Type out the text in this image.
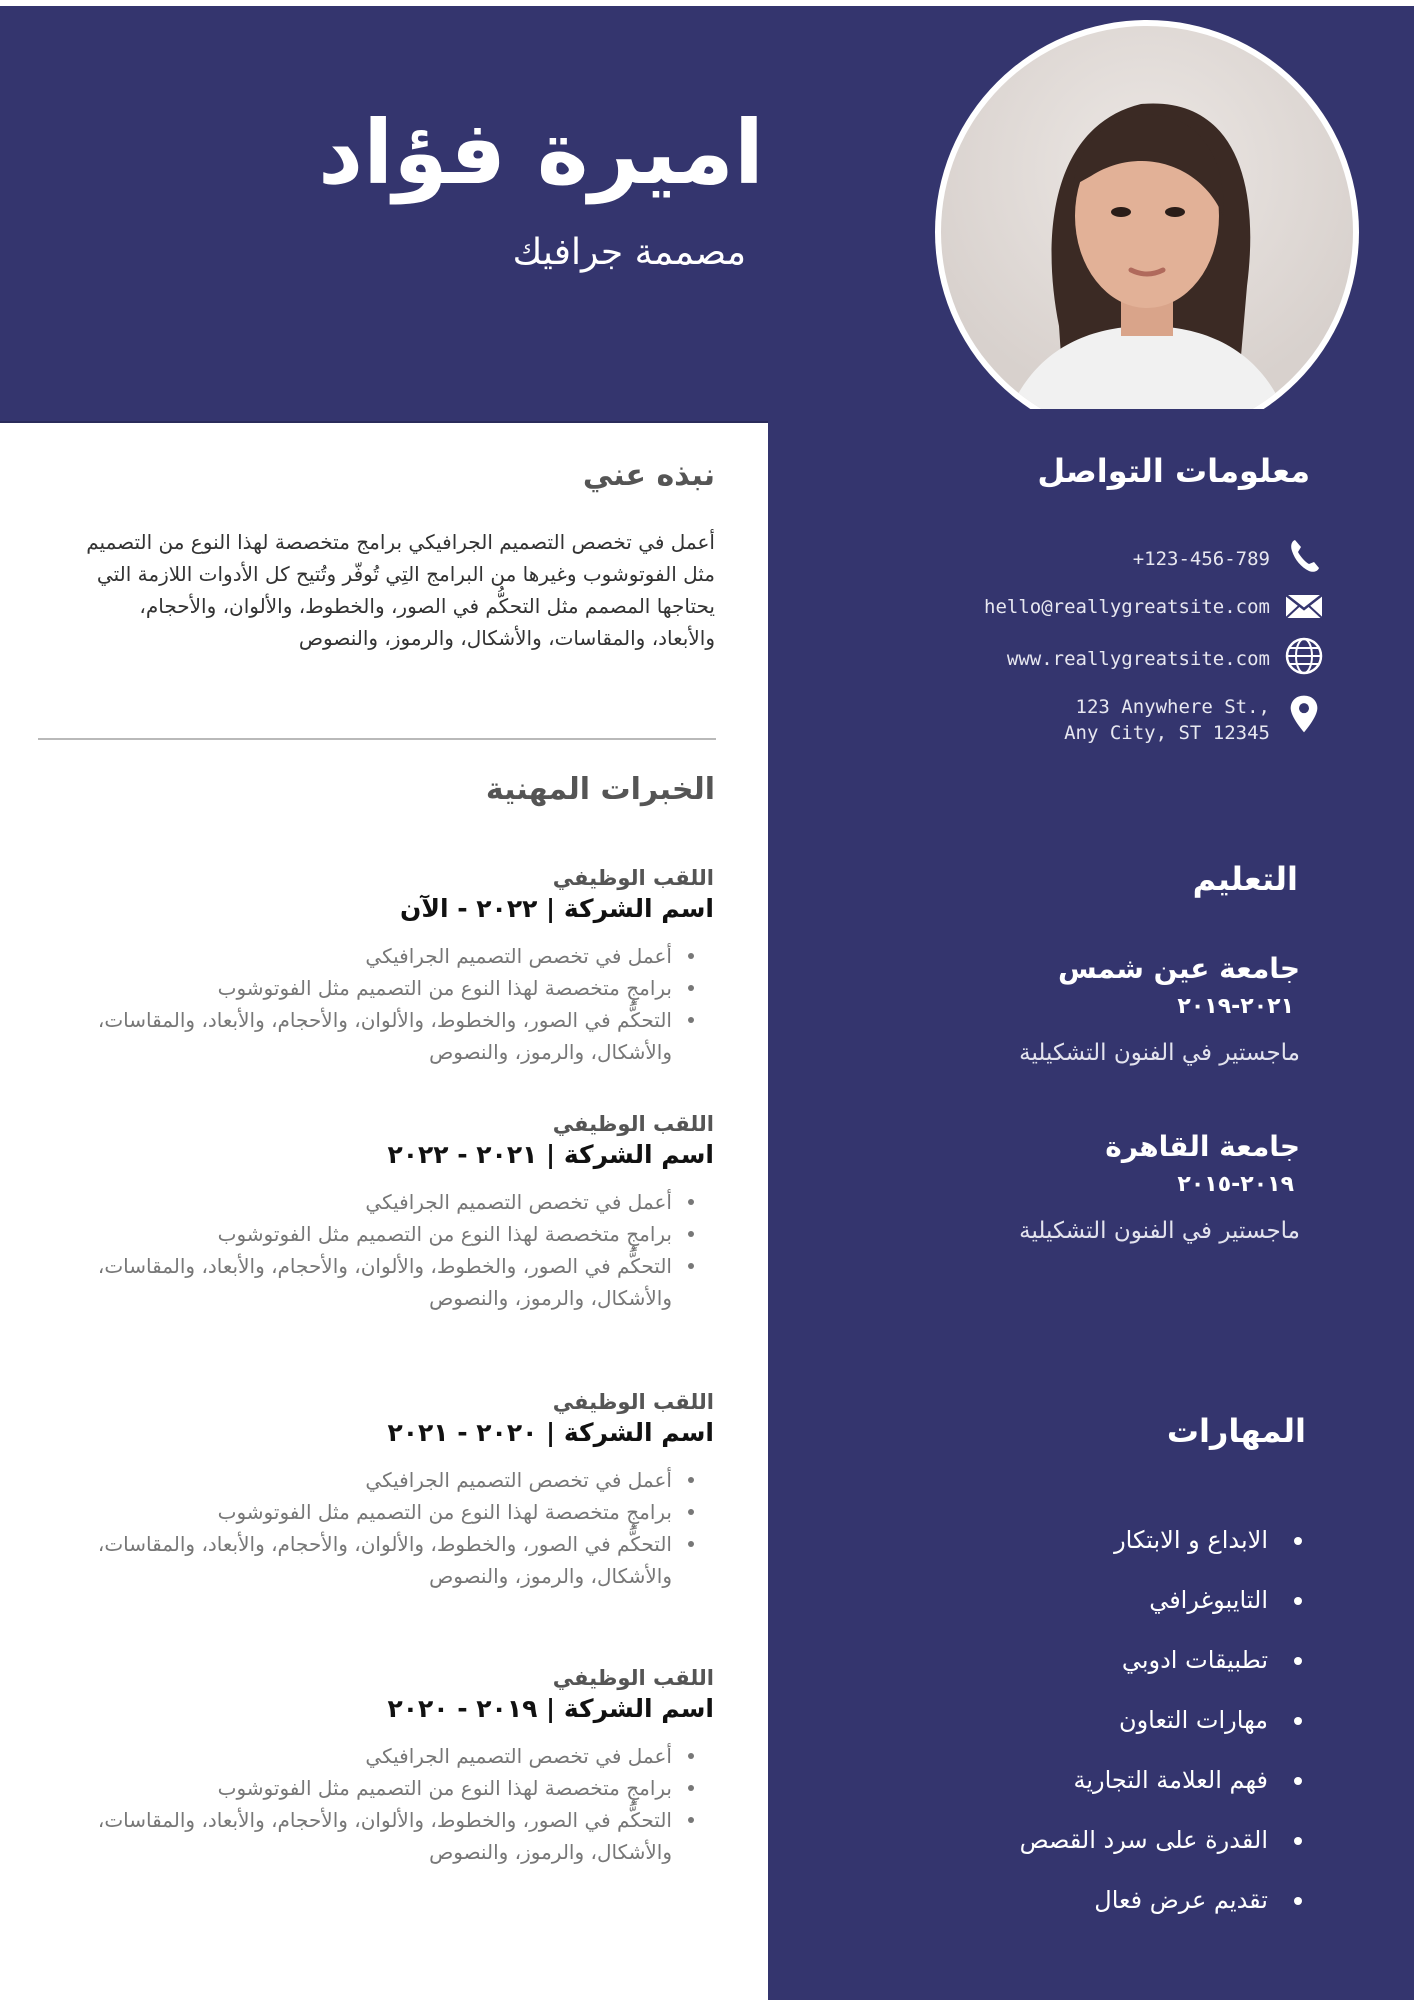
اميرة فؤاد
مصممة جرافيك
نبذه عني
أعمل في تخصص التصميم الجرافيكي برامج متخصصة لهذا النوع من التصميم مثل الفوتوشوب وغيرها من البرامج التِي تُوفّر وتُتيح كل الأدوات اللازمة التي يحتاجها المصمم مثل التحكُّم في الصور، والخطوط، والألوان، والأحجام، والأبعاد، والمقاسات، والأشكال، والرموز، والنصوص
الخبرات المهنية
اللقب الوظيفي
اسم الشركة | ٢٠٢٢ - الآن
أعمل في تخصص التصميم الجرافيكي
برامجٍ متخصصة لهذا النوع من التصميم مثل الفوتوشوب
التحكُّم في الصور، والخطوط، والألوان، والأحجام، والأبعاد، والمقاسات، والأشكال، والرموز، والنصوص
اللقب الوظيفي
اسم الشركة | ٢٠٢١ - ٢٠٢٢
أعمل في تخصص التصميم الجرافيكي
برامجٍ متخصصة لهذا النوع من التصميم مثل الفوتوشوب
التحكُّم في الصور، والخطوط، والألوان، والأحجام، والأبعاد، والمقاسات، والأشكال، والرموز، والنصوص
اللقب الوظيفي
اسم الشركة | ٢٠٢٠ - ٢٠٢١
أعمل في تخصص التصميم الجرافيكي
برامجٍ متخصصة لهذا النوع من التصميم مثل الفوتوشوب
التحكُّم في الصور، والخطوط، والألوان، والأحجام، والأبعاد، والمقاسات، والأشكال، والرموز، والنصوص
اللقب الوظيفي
اسم الشركة | ٢٠١٩ - ٢٠٢٠
أعمل في تخصص التصميم الجرافيكي
برامجٍ متخصصة لهذا النوع من التصميم مثل الفوتوشوب
التحكُّم في الصور، والخطوط، والألوان، والأحجام، والأبعاد، والمقاسات، والأشكال، والرموز، والنصوص
معلومات التواصل
+123-456-789
hello@reallygreatsite.com
www.reallygreatsite.com
123 Anywhere St.,
Any City, ST 12345
التعليم
جامعة عين شمس
٢٠٢١-٢٠١٩
ماجستير في الفنون التشكيلية
جامعة القاهرة
٢٠١٩-٢٠١٥
ماجستير في الفنون التشكيلية
المهارات
الابداع و الابتكار
التايبوغرافي
تطبيقات ادوبي
مهارات التعاون
فهم العلامة التجارية
القدرة على سرد القصص
تقديم عرض فعال
